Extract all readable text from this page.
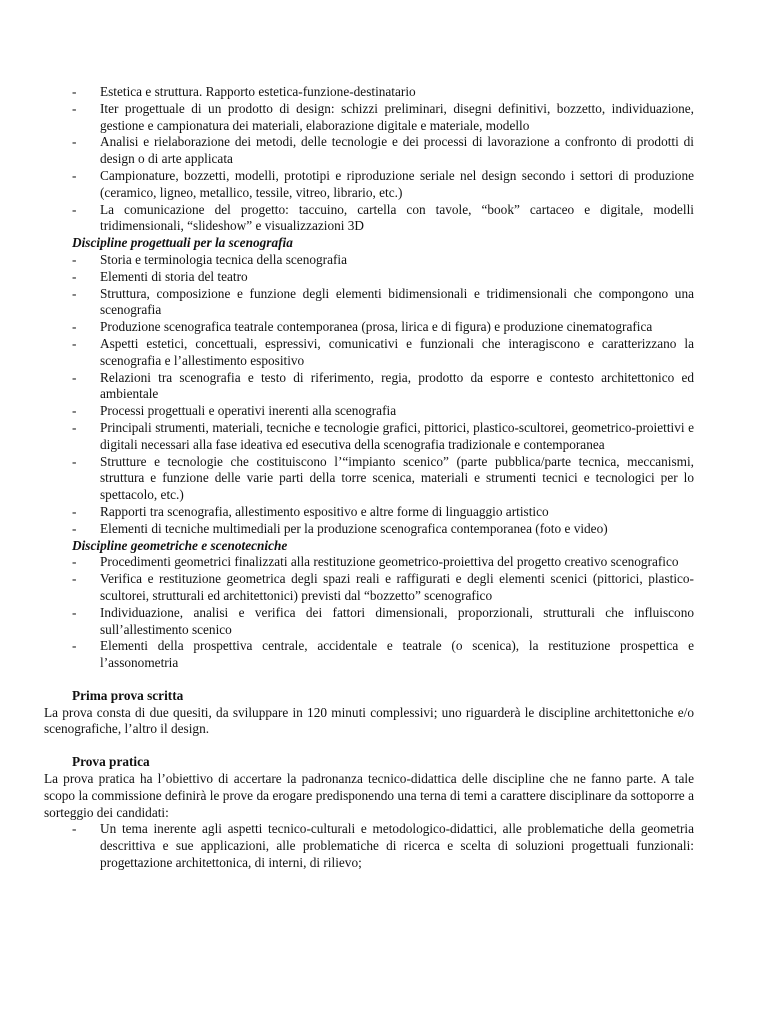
- Estetica e struttura. Rapporto estetica-funzione-destinatario
- Iter progettuale di un prodotto di design: schizzi preliminari, disegni definitivi, bozzetto, individuazione, gestione e campionatura dei materiali, elaborazione digitale e materiale, modello
- Analisi e rielaborazione dei metodi, delle tecnologie e dei processi di lavorazione a confronto di prodotti di design o di arte applicata
- Campionature, bozzetti, modelli, prototipi e riproduzione seriale nel design secondo i settori di produzione (ceramico, ligneo, metallico, tessile, vitreo, librario, etc.)
- La comunicazione del progetto: taccuino, cartella con tavole, “book” cartaceo e digitale, modelli tridimensionali, “slideshow” e visualizzazioni 3D
Discipline progettuali per la scenografia
- Storia e terminologia tecnica della scenografia
- Elementi di storia del teatro
- Struttura, composizione e funzione degli elementi bidimensionali e tridimensionali che compongono una scenografia
- Produzione scenografica teatrale contemporanea (prosa, lirica e di figura) e produzione cinematografica
- Aspetti estetici, concettuali, espressivi, comunicativi e funzionali che interagiscono e caratterizzano la scenografia e l’allestimento espositivo
- Relazioni tra scenografia e testo di riferimento, regia, prodotto da esporre e contesto architettonico ed ambientale
- Processi progettuali e operativi inerenti alla scenografia
- Principali strumenti, materiali, tecniche e tecnologie grafici, pittorici, plastico-scultorei, geometrico-proiettivi e digitali necessari alla fase ideativa ed esecutiva della scenografia tradizionale e contemporanea
- Strutture e tecnologie che costituiscono l’“impianto scenico” (parte pubblica/parte tecnica, meccanismi, struttura e funzione delle varie parti della torre scenica, materiali e strumenti tecnici e tecnologici per lo spettacolo, etc.)
- Rapporti tra scenografia, allestimento espositivo e altre forme di linguaggio artistico
- Elementi di tecniche multimediali per la produzione scenografica contemporanea (foto e video)
Discipline geometriche e scenotecniche
- Procedimenti geometrici finalizzati alla restituzione geometrico-proiettiva del progetto creativo scenografico
- Verifica e restituzione geometrica degli spazi reali e raffigurati e degli elementi scenici (pittorici, plastico-scultorei, strutturali ed architettonici) previsti dal “bozzetto” scenografico
- Individuazione, analisi e verifica dei fattori dimensionali, proporzionali, strutturali che influiscono sull’allestimento scenico
- Elementi della prospettiva centrale, accidentale e teatrale (o scenica), la restituzione prospettica e l’assonometria
Prima prova scritta
La prova consta di due quesiti, da sviluppare in 120 minuti complessivi; uno riguarderà le discipline architettoniche e/o scenografiche, l’altro il design.
Prova pratica
La prova pratica ha l’obiettivo di accertare la padronanza tecnico-didattica delle discipline che ne fanno parte. A tale scopo la commissione definirà le prove da erogare predisponendo una terna di temi a carattere disciplinare da sottoporre a sorteggio dei candidati:
- Un tema inerente agli aspetti tecnico-culturali e metodologico-didattici, alle problematiche della geometria descrittiva e sue applicazioni, alle problematiche di ricerca e scelta di soluzioni progettuali funzionali: progettazione architettonica, di interni, di rilievo;
